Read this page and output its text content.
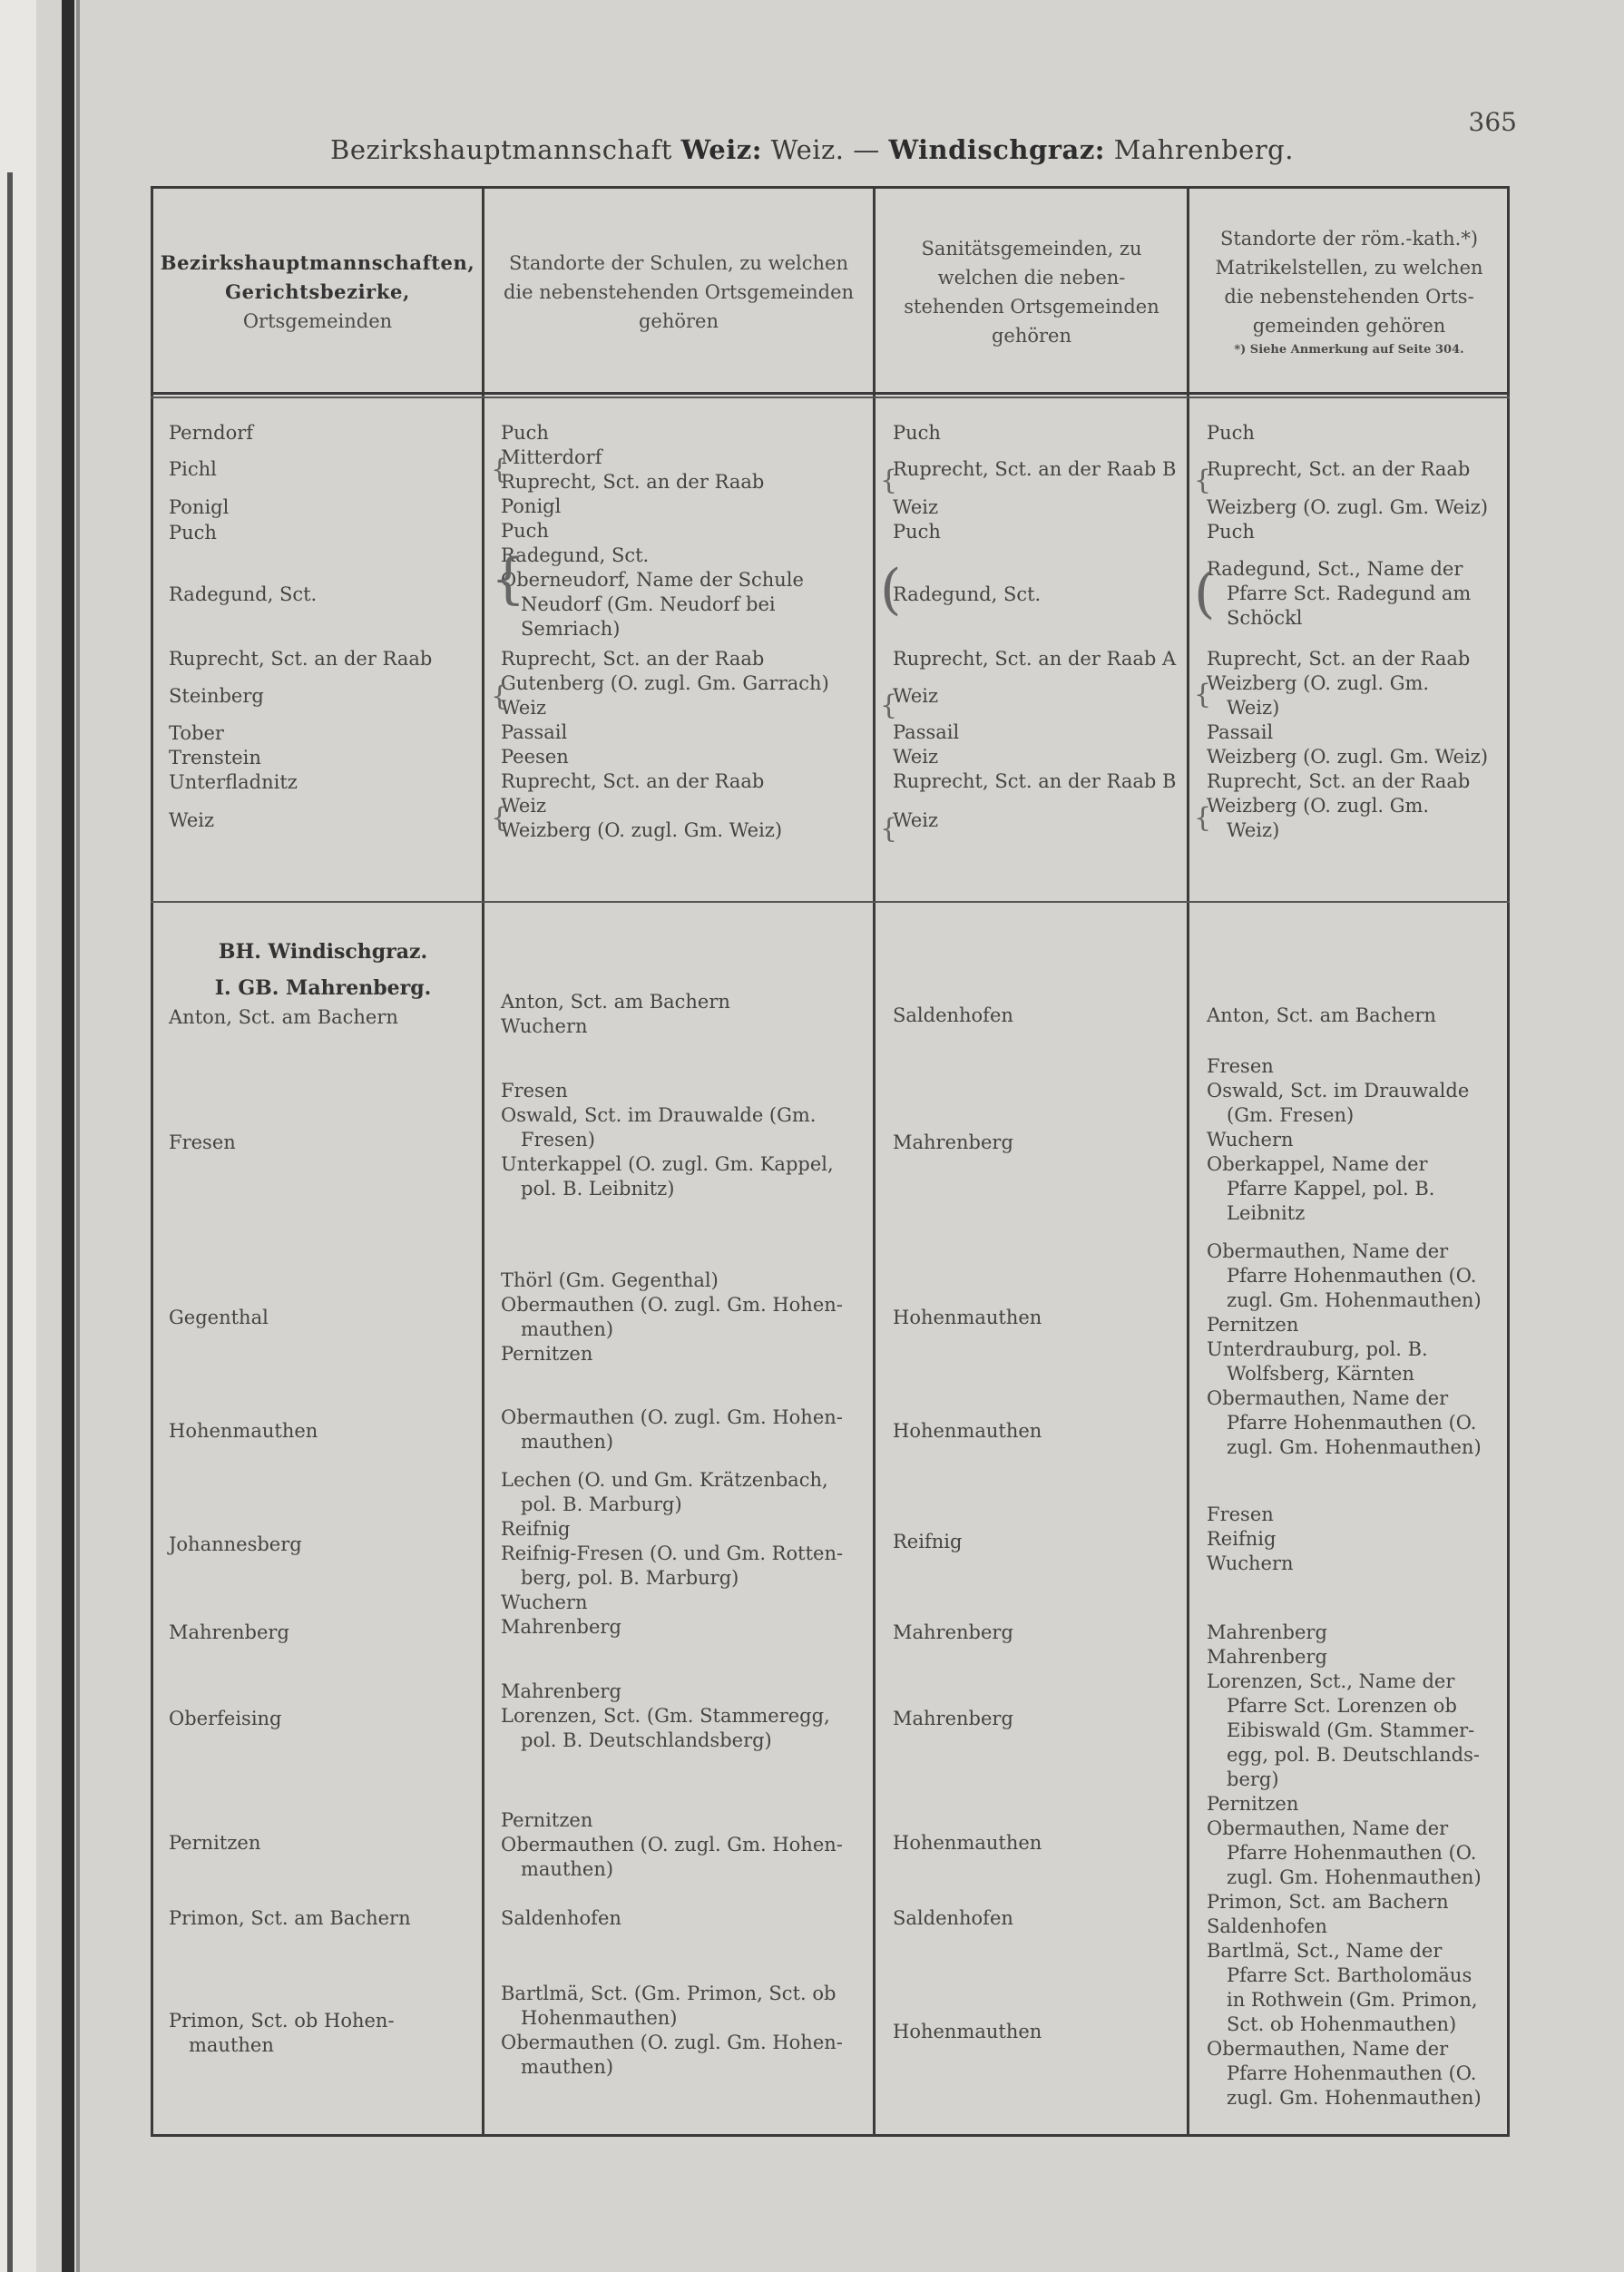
365
Bezirkshauptmannschaft Weiz: Weiz. — Windischgraz: Mahrenberg.
Bezirkshauptmannschaften,
Gerichtsbezirke,
Ortsgemeinden
Standorte der Schulen, zu welchen
die nebenstehenden Ortsgemeinden
gehören
Sanitätsgemeinden, zu
welchen die neben-
stehenden Ortsgemeinden
gehören
Standorte der röm.-kath.*)
Matrikelstellen, zu welchen
die nebenstehenden Orts-
gemeinden gehören
*) Siehe Anmerkung auf Seite 304.
BH. Windischgraz.
I. GB. Mahrenberg.
Perndorf
Pichl
Ponigl
Puch
Radegund, Sct.
Ruprecht, Sct. an der Raab
Steinberg
Tober
Trenstein
Unterfladnitz
Weiz
Puch
Mitterdorf
Ruprecht, Sct. an der Raab
Ponigl
Puch
Radegund, Sct.
Oberneudorf, Name der Schule
Neudorf (Gm. Neudorf bei
Semriach)
Ruprecht, Sct. an der Raab
Gutenberg (O. zugl. Gm. Garrach)
Weiz
Passail
Peesen
Ruprecht, Sct. an der Raab
Weiz
Weizberg (O. zugl. Gm. Weiz)
Puch
Ruprecht, Sct. an der Raab B
Weiz
Puch
Radegund, Sct.
Ruprecht, Sct. an der Raab A
Weiz
Passail
Weiz
Ruprecht, Sct. an der Raab B
Weiz
Puch
Ruprecht, Sct. an der Raab
Weizberg (O. zugl. Gm. Weiz)
Puch
Radegund, Sct., Name der
Pfarre Sct. Radegund am
Schöckl
Ruprecht, Sct. an der Raab
Weizberg (O. zugl. Gm.
Weiz)
Passail
Weizberg (O. zugl. Gm. Weiz)
Ruprecht, Sct. an der Raab
Weizberg (O. zugl. Gm.
Weiz)
Anton, Sct. am Bachern
Fresen
Gegenthal
Hohenmauthen
Johannesberg
Mahrenberg
Oberfeising
Pernitzen
Primon, Sct. am Bachern
Primon, Sct. ob Hohen-
mauthen
Anton, Sct. am Bachern
Wuchern
Fresen
Oswald, Sct. im Drauwalde (Gm.
Fresen)
Unterkappel (O. zugl. Gm. Kappel,
pol. B. Leibnitz)
Thörl (Gm. Gegenthal)
Obermauthen (O. zugl. Gm. Hohen-
mauthen)
Pernitzen
Obermauthen (O. zugl. Gm. Hohen-
mauthen)
Lechen (O. und Gm. Krätzenbach,
pol. B. Marburg)
Reifnig
Reifnig-Fresen (O. und Gm. Rotten-
berg, pol. B. Marburg)
Wuchern
Mahrenberg
Mahrenberg
Lorenzen, Sct. (Gm. Stammeregg,
pol. B. Deutschlandsberg)
Pernitzen
Obermauthen (O. zugl. Gm. Hohen-
mauthen)
Saldenhofen
Bartlmä, Sct. (Gm. Primon, Sct. ob
Hohenmauthen)
Obermauthen (O. zugl. Gm. Hohen-
mauthen)
Saldenhofen
Mahrenberg
Hohenmauthen
Hohenmauthen
Reifnig
Mahrenberg
Mahrenberg
Hohenmauthen
Saldenhofen
Hohenmauthen
Anton, Sct. am Bachern
Fresen
Oswald, Sct. im Drauwalde
(Gm. Fresen)
Wuchern
Oberkappel, Name der
Pfarre Kappel, pol. B.
Leibnitz
Obermauthen, Name der
Pfarre Hohenmauthen (O.
zugl. Gm. Hohenmauthen)
Pernitzen
Unterdrauburg, pol. B.
Wolfsberg, Kärnten
Obermauthen, Name der
Pfarre Hohenmauthen (O.
zugl. Gm. Hohenmauthen)
Fresen
Reifnig
Wuchern
Mahrenberg
Mahrenberg
Lorenzen, Sct., Name der
Pfarre Sct. Lorenzen ob
Eibiswald (Gm. Stammer-
egg, pol. B. Deutschlands-
berg)
Pernitzen
Obermauthen, Name der
Pfarre Hohenmauthen (O.
zugl. Gm. Hohenmauthen)
Primon, Sct. am Bachern
Saldenhofen
Bartlmä, Sct., Name der
Pfarre Sct. Bartholomäus
in Rothwein (Gm. Primon,
Sct. ob Hohenmauthen)
Obermauthen, Name der
Pfarre Hohenmauthen (O.
zugl. Gm. Hohenmauthen)
{
{
{
{
{
(
{
{
{
(
{
{
